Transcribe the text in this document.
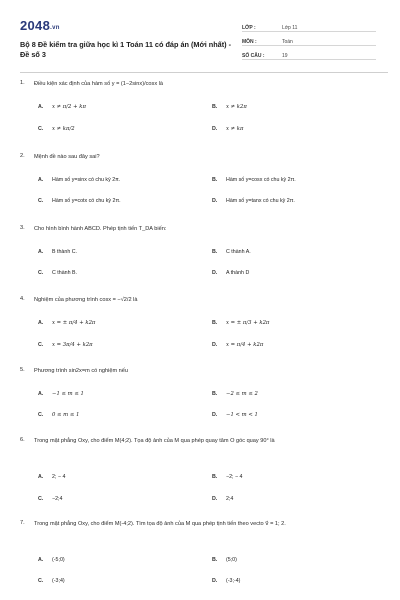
2048.vn
Bộ 8 Đề kiểm tra giữa học kì 1 Toán 11 có đáp án (Mới nhất) - Đề số 3
LỚP :	Lớp 11
MÔN :	Toán
SỐ CÂU :	19
1.	Điều kiện xác định của hàm số y = (1−2sinx)/cosx là
A.	x ≠ π/2 + kπ	B.	x ≠ k2π
C.	x ≠ kπ/2	D.	x ≠ kπ
2.	Mệnh đề nào sau đây sai?
A.	Hàm số y=sinx có chu kỳ 2π.	B.	Hàm số y=cosx có chu kỳ 2π.
C.	Hàm số y=cotx có chu kỳ 2π.	D.	Hàm số y=tanx có chu kỳ 2π.
3.	Cho hình bình hành ABCD. Phép tịnh tiến T_DA biến:
A.	B thành C.	B.	C thành A.
C.	C thành B.	D.	A thành D
4.	Nghiệm của phương trình cosx = −√2/2 là
A.	x = ± π/4 + k2π	B.	x = ± π/3 + k2π
C.	x = 3π/4 + k2π	D.	x = π/4 + k2π
5.	Phương trình sin2x=m có nghiệm nếu
A.	−1 ≤ m ≤ 1	B.	−2 ≤ m ≤ 2
C.	0 ≤ m ≤ 1	D.	−1 < m < 1
6.	Trong mặt phẳng Oxy, cho điểm M(4;2). Tọa độ ảnh của M qua phép quay tâm O góc quay 90° là
A.	2; − 4	B.	−2; − 4
C.	−2;4	D.	2;4
7.	Trong mặt phẳng Oxy, cho điểm M(-4;2). Tìm tọa độ ảnh của M qua phép tịnh tiến theo vecto v⃗ = 1; 2.
A.	(-5;0)	B.	(5;0)
C.	(-3;4)	D.	(-3;-4)
